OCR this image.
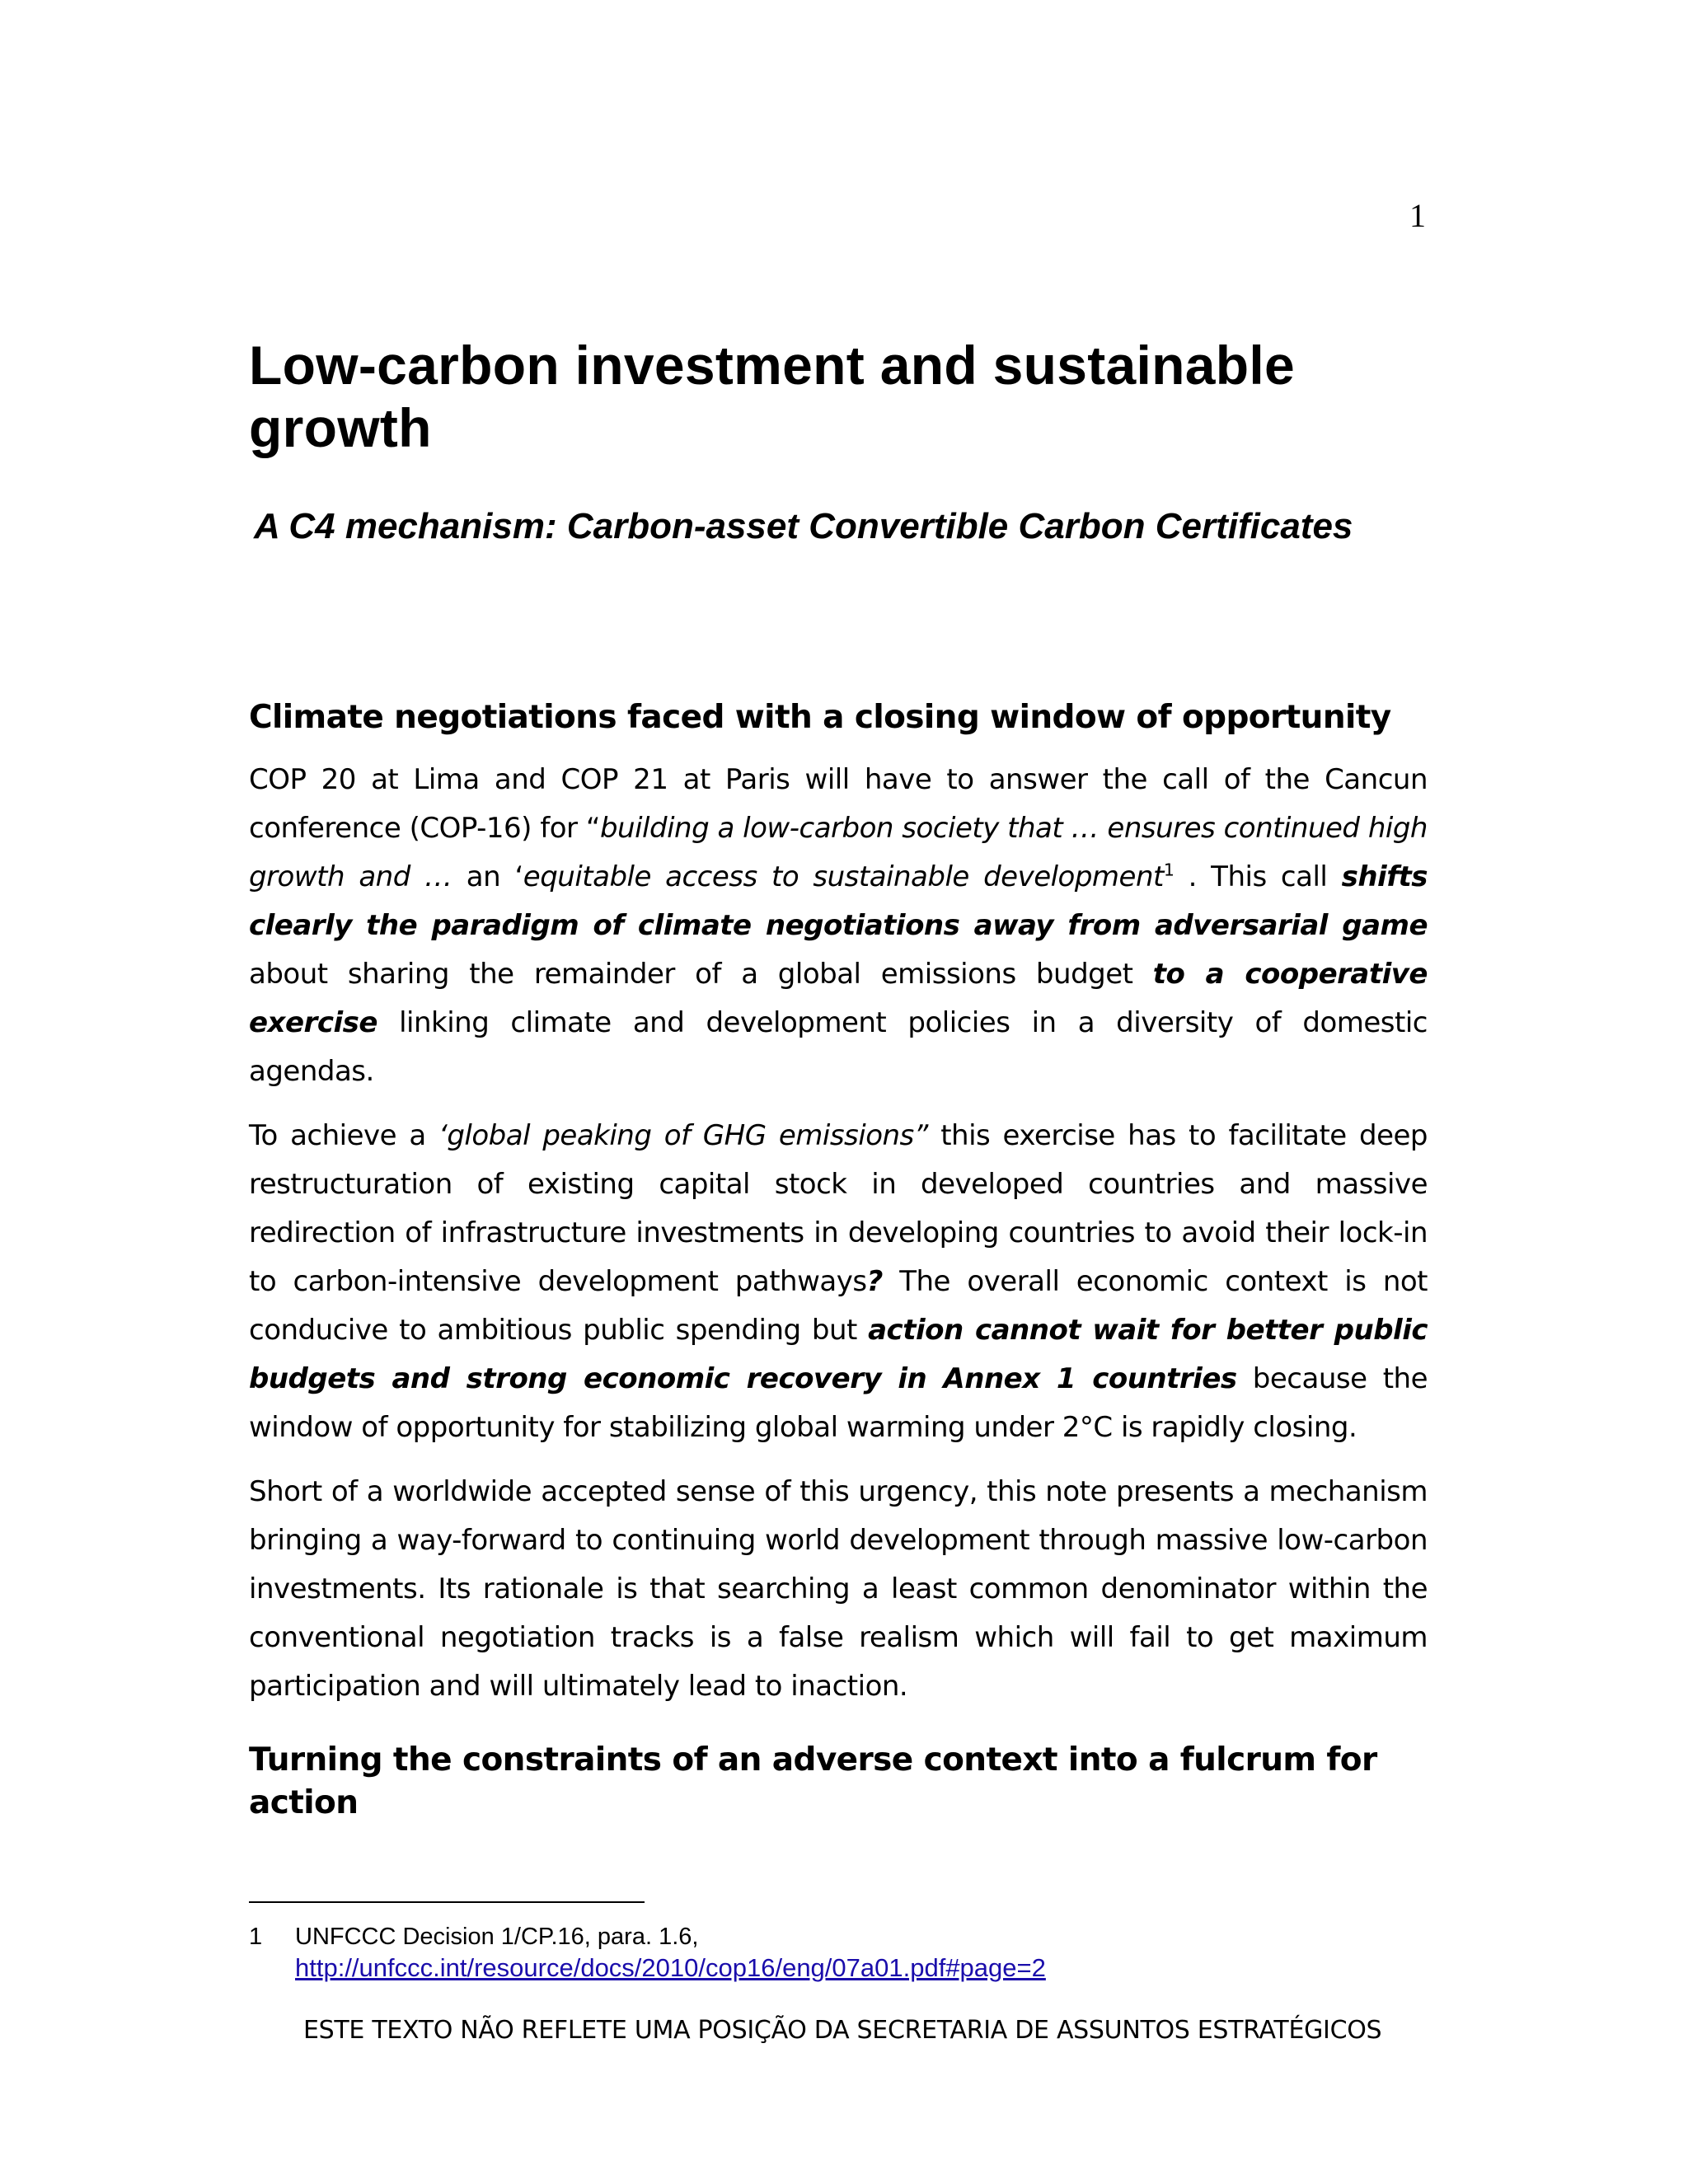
1
Low-carbon investment and sustainable growth
A C4 mechanism: Carbon-asset Convertible Carbon Certificates
Climate negotiations faced with a closing window of opportunity

COP 20 at Lima and COP 21 at Paris will have to answer the call of the Cancun conference (COP-16) for “building a low-carbon society that … ensures continued high growth and … an ‘equitable access to sustainable development$^1$ . This call shifts clearly the paradigm of climate negotiations away from adversarial game about sharing the remainder of a global emissions budget to a cooperative exercise linking climate and development policies in a diversity of domestic agendas.

To achieve a ‘global peaking of GHG emissions” this exercise has to facilitate deep restructuration of existing capital stock in developed countries and massive redirection of infrastructure investments in developing countries to avoid their lock-in to carbon-intensive development pathways? The overall economic context is not conducive to ambitious public spending but action cannot wait for better public budgets and strong economic recovery in Annex 1 countries because the window of opportunity for stabilizing global warming under 2°C is rapidly closing.

Short of a worldwide accepted sense of this urgency, this note presents a mechanism bringing a way-forward to continuing world development through massive low-carbon investments. Its rationale is that searching a least common denominator within the conventional negotiation tracks is a false realism which will fail to get maximum participation and will ultimately lead to inaction.

Turning the constraints of an adverse context into a fulcrum for action
1 UNFCCC Decision 1/CP.16, para. 1.6,
http://unfccc.int/resource/docs/2010/cop16/eng/07a01.pdf#page=2
ESTE TEXTO NÃO REFLETE UMA POSIÇÃO DA SECRETARIA DE ASSUNTOS ESTRATÉGICOS
